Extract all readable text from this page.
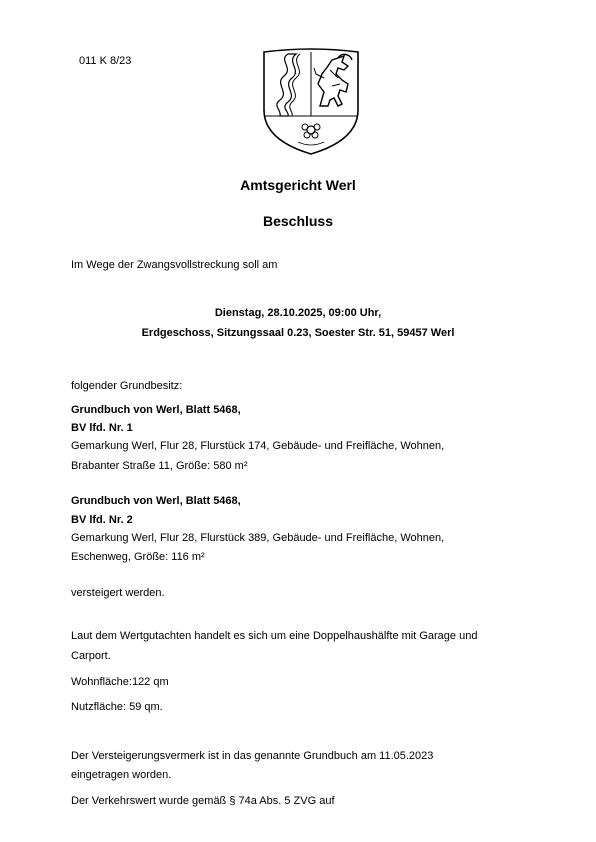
011 K 8/23
Amtsgericht Werl
Beschluss
Im Wege der Zwangsvollstreckung soll am
Dienstag, 28.10.2025, 09:00 Uhr,
Erdgeschoss, Sitzungssaal 0.23, Soester Str. 51, 59457 Werl
folgender Grundbesitz:
Grundbuch von Werl, Blatt 5468,
BV lfd. Nr. 1
Gemarkung Werl, Flur 28, Flurstück 174, Gebäude- und Freifläche, Wohnen,
Brabanter Straße 11, Größe: 580 m²
Grundbuch von Werl, Blatt 5468,
BV lfd. Nr. 2
Gemarkung Werl, Flur 28, Flurstück 389, Gebäude- und Freifläche, Wohnen,
Eschenweg, Größe: 116 m²
versteigert werden.
Laut dem Wertgutachten handelt es sich um eine Doppelhaushälfte mit Garage und
Carport.
Wohnfläche:122 qm
Nutzfläche: 59 qm.
Der Versteigerungsvermerk ist in das genannte Grundbuch am 11.05.2023
eingetragen worden.
Der Verkehrswert wurde gemäß § 74a Abs. 5 ZVG auf
